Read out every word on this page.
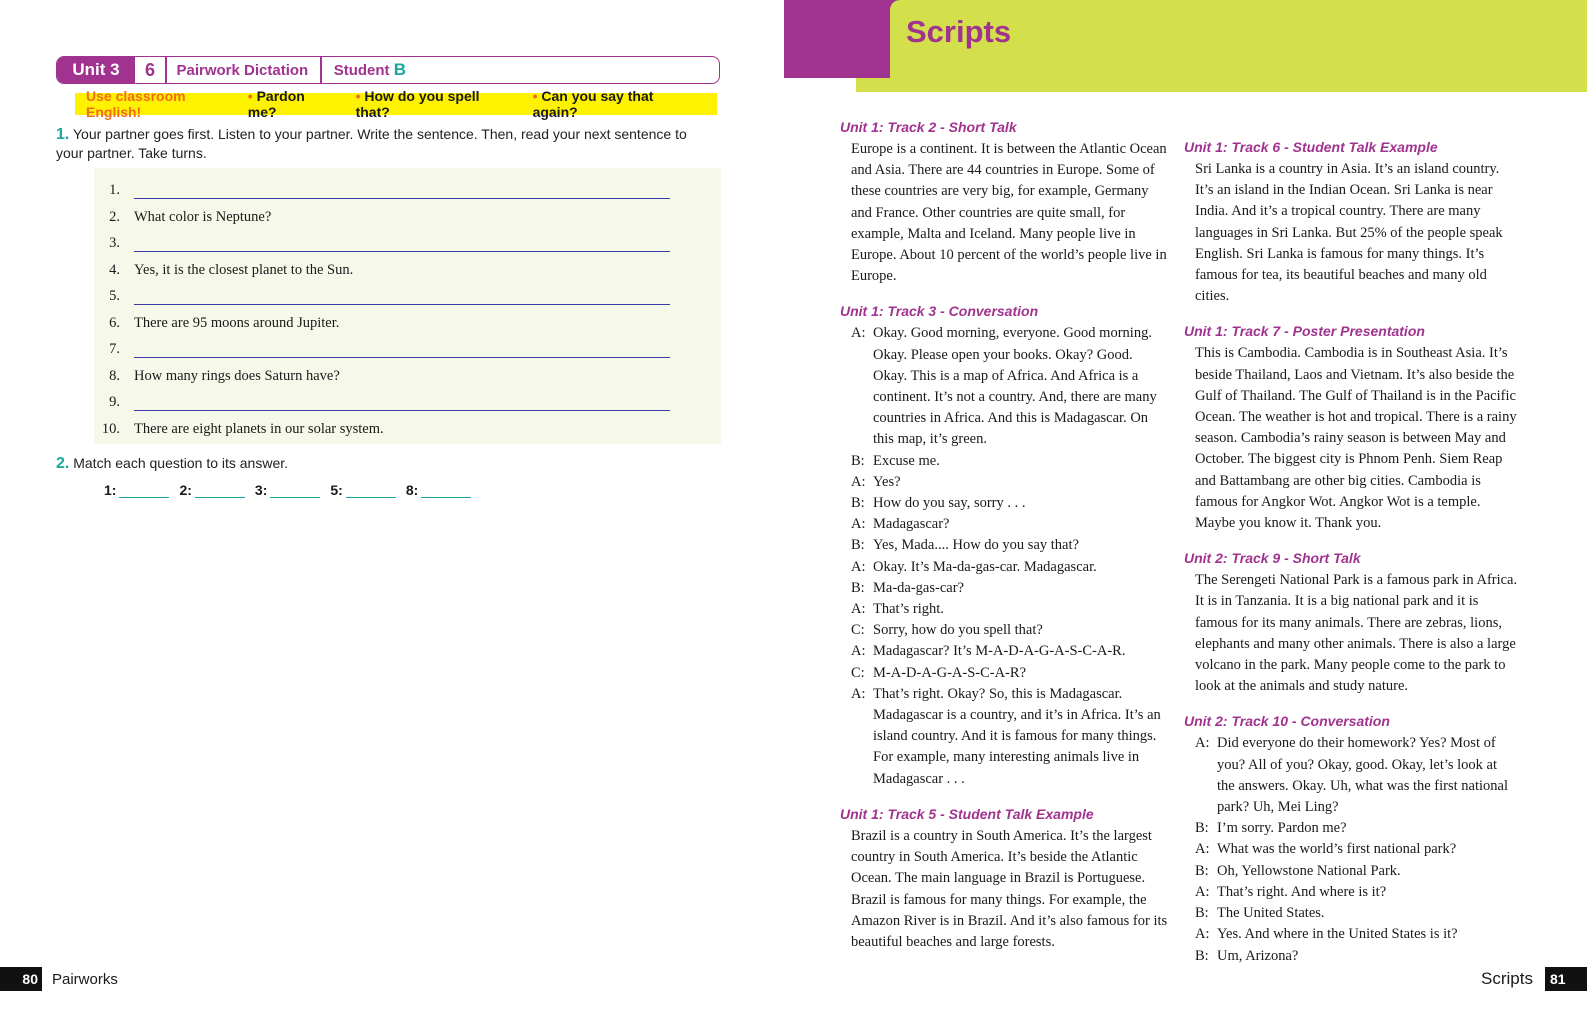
Unit 3	6	Pairwork Dictation	Student B
Use classroom English!
• Pardon me?
• How do you spell that?
• Can you say that again?
1. Your partner goes first. Listen to your partner. Write the sentence. Then, read your next sentence to your partner. Take turns.
1.
2. What color is Neptune?
3.
4. Yes, it is the closest planet to the Sun.
5.
6. There are 95 moons around Jupiter.
7.
8. How many rings does Saturn have?
9.
10. There are eight planets in our solar system.
2. Match each question to its answer.
1:	2:	3:	5:	8:
80 Pairworks
Scripts
Unit 1: Track 2 - Short Talk
Europe is a continent. It is between the Atlantic Ocean and Asia. There are 44 countries in Europe. Some of these countries are very big, for example, Germany and France. Other countries are quite small, for example, Malta and Iceland. Many people live in Europe. About 10 percent of the world’s people live in Europe.
Unit 1: Track 3 - Conversation
A: Okay. Good morning, everyone. Good morning. Okay. Please open your books. Okay? Good. Okay. This is a map of Africa. And Africa is a continent. It’s not a country. And, there are many countries in Africa. And this is Madagascar. On this map, it’s green.
B: Excuse me.
A: Yes?
B: How do you say, sorry . . .
A: Madagascar?
B: Yes, Mada.... How do you say that?
A: Okay. It’s Ma-da-gas-car. Madagascar.
B: Ma-da-gas-car?
A: That’s right.
C: Sorry, how do you spell that?
A: Madagascar? It’s M-A-D-A-G-A-S-C-A-R.
C: M-A-D-A-G-A-S-C-A-R?
A: That’s right. Okay? So, this is Madagascar. Madagascar is a country, and it’s in Africa. It’s an island country. And it is famous for many things. For example, many interesting animals live in Madagascar . . .
Unit 1: Track 5 - Student Talk Example
Brazil is a country in South America. It’s the largest country in South America. It’s beside the Atlantic Ocean. The main language in Brazil is Portuguese. Brazil is famous for many things. For example, the Amazon River is in Brazil. And it’s also famous for its beautiful beaches and large forests.
Unit 1: Track 6 - Student Talk Example
Sri Lanka is a country in Asia. It’s an island country. It’s an island in the Indian Ocean. Sri Lanka is near India. And it’s a tropical country. There are many languages in Sri Lanka. But 25% of the people speak English. Sri Lanka is famous for many things. It’s famous for tea, its beautiful beaches and many old cities.
Unit 1: Track 7 - Poster Presentation
This is Cambodia. Cambodia is in Southeast Asia. It’s beside Thailand, Laos and Vietnam. It’s also beside the Gulf of Thailand. The Gulf of Thailand is in the Pacific Ocean. The weather is hot and tropical. There is a rainy season. Cambodia’s rainy season is between May and October. The biggest city is Phnom Penh. Siem Reap and Battambang are other big cities. Cambodia is famous for Angkor Wot. Angkor Wot is a temple. Maybe you know it. Thank you.
Unit 2: Track 9 - Short Talk
The Serengeti National Park is a famous park in Africa. It is in Tanzania. It is a big national park and it is famous for its many animals. There are zebras, lions, elephants and many other animals. There is also a large volcano in the park. Many people come to the park to look at the animals and study nature.
Unit 2: Track 10 - Conversation
A: Did everyone do their homework? Yes? Most of you? All of you? Okay, good. Okay, let’s look at the answers. Okay. Uh, what was the first national park? Uh, Mei Ling?
B: I’m sorry. Pardon me?
A: What was the world’s first national park?
B: Oh, Yellowstone National Park.
A: That’s right. And where is it?
B: The United States.
A: Yes. And where in the United States is it?
B: Um, Arizona?
Scripts	81
